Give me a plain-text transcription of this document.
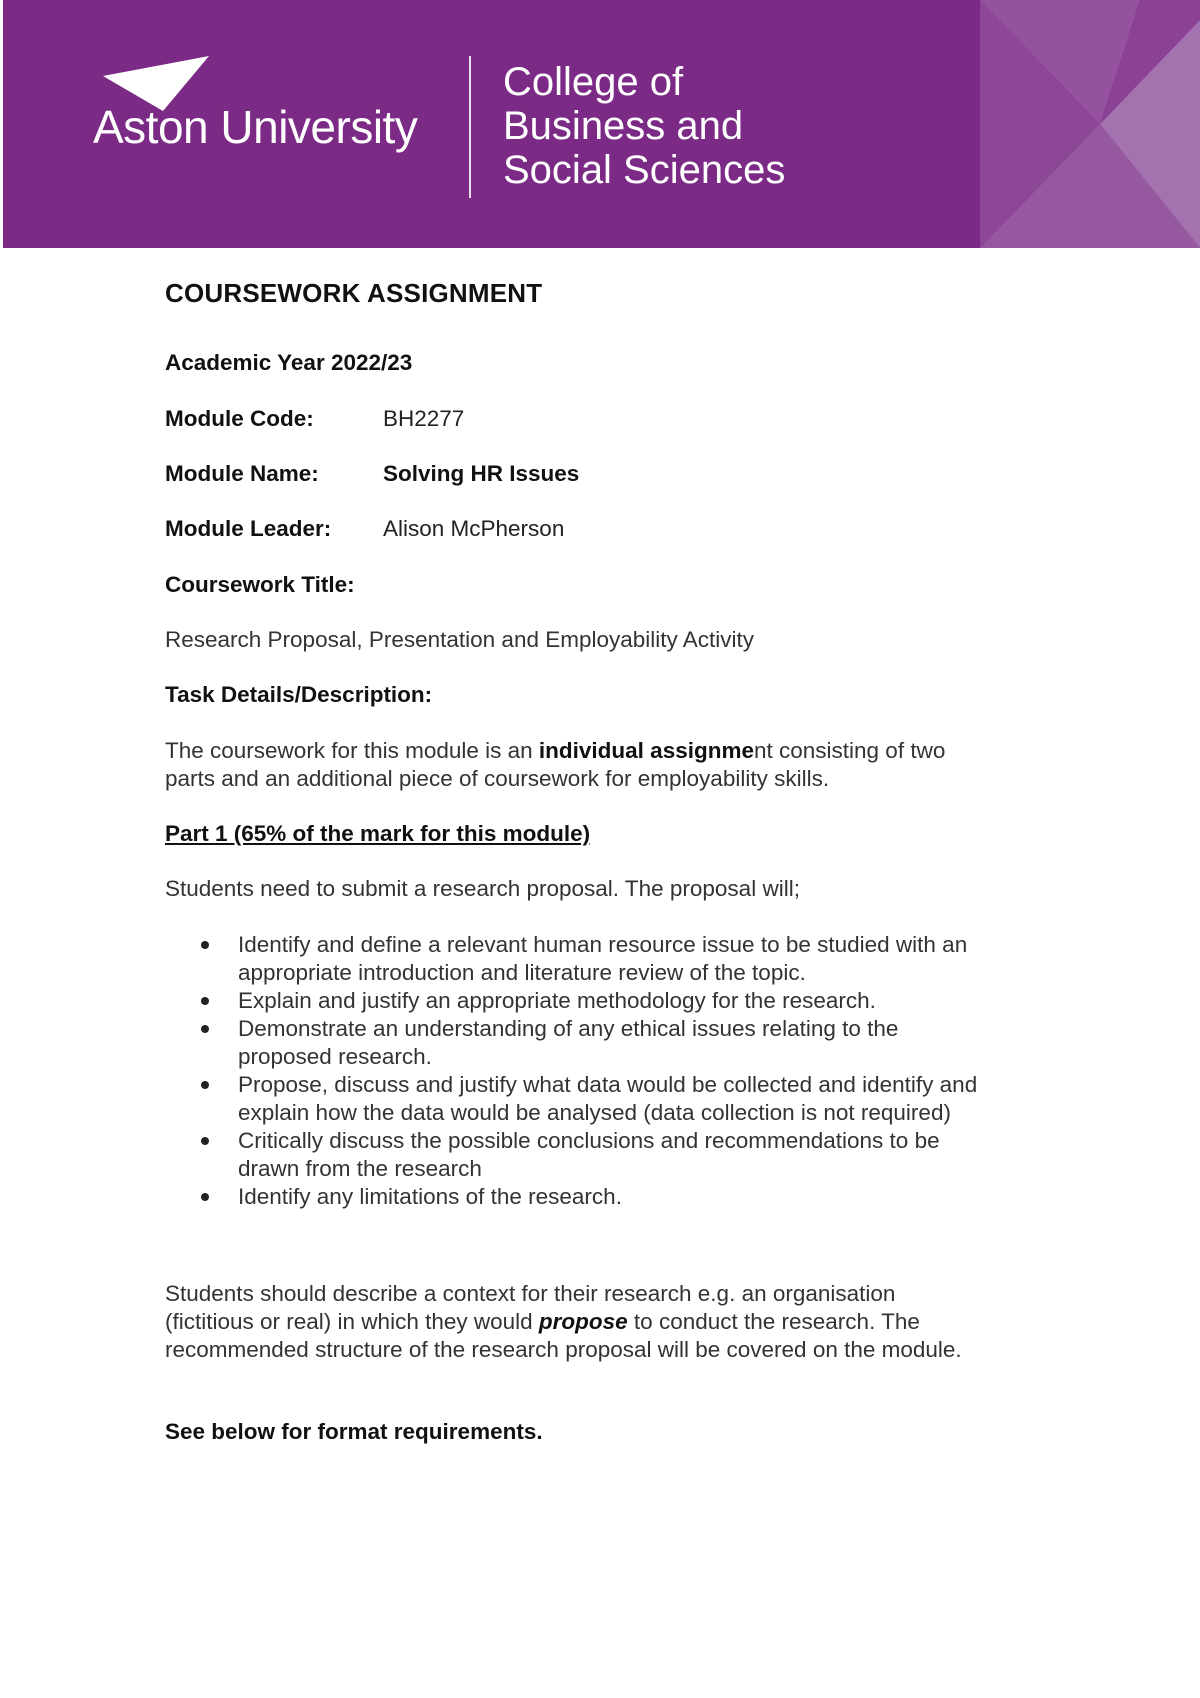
Aston University
College of
Business and
Social Sciences
COURSEWORK ASSIGNMENT
Academic Year 2022/23
Module Code:	BH2277
Module Name:	Solving HR Issues
Module Leader: Alison McPherson
Coursework Title:
Research Proposal, Presentation and Employability Activity
Task Details/Description:
The coursework for this module is an individual assignment consisting of two parts and an additional piece of coursework for employability skills.
Part 1 (65% of the mark for this module)
Students need to submit a research proposal. The proposal will;
Identify and define a relevant human resource issue to be studied with an appropriate introduction and literature review of the topic.
Explain and justify an appropriate methodology for the research.
Demonstrate an understanding of any ethical issues relating to the proposed research.
Propose, discuss and justify what data would be collected and identify and explain how the data would be analysed (data collection is not required)
Critically discuss the possible conclusions and recommendations to be drawn from the research
Identify any limitations of the research.
Students should describe a context for their research e.g. an organisation (fictitious or real) in which they would propose to conduct the research. The recommended structure of the research proposal will be covered on the module.
See below for format requirements.
